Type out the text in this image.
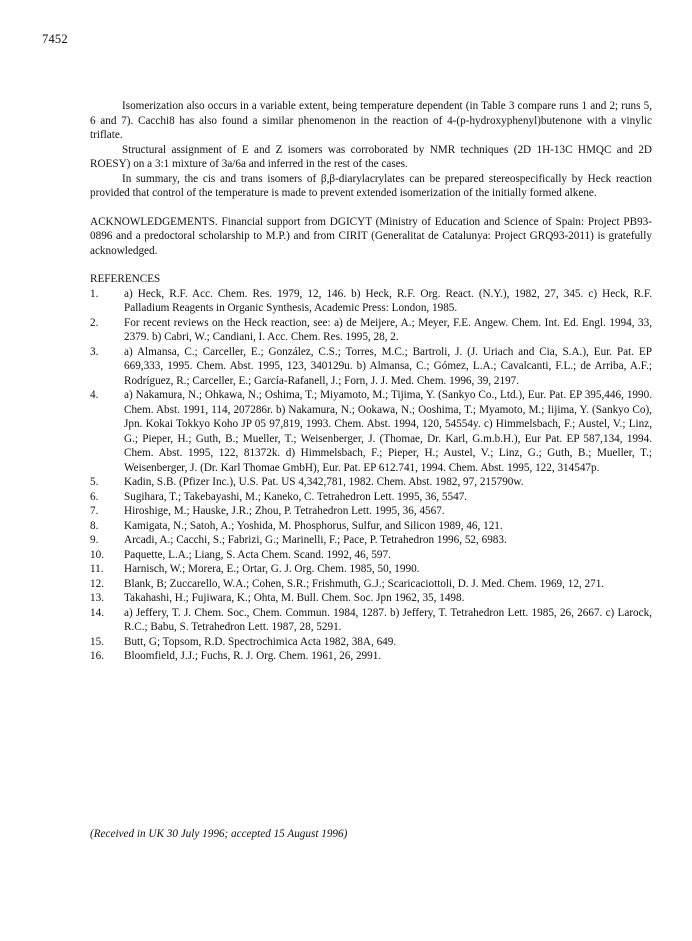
7452

Isomerization also occurs in a variable extent, being temperature dependent (in Table 3 compare runs 1 and 2; runs 5, 6 and 7). Cacchi8 has also found a similar phenomenon in the reaction of 4-(p-hydroxyphenyl)butenone with a vinylic triflate.

Structural assignment of E and Z isomers was corroborated by NMR techniques (2D 1H-13C HMQC and 2D ROESY) on a 3:1 mixture of 3a/6a and inferred in the rest of the cases.

In summary, the cis and trans isomers of β,β-diarylacrylates can be prepared stereospecifically by Heck reaction provided that control of the temperature is made to prevent extended isomerization of the initially formed alkene.

ACKNOWLEDGEMENTS. Financial support from DGICYT (Ministry of Education and Science of Spain: Project PB93-0896 and a predoctoral scholarship to M.P.) and from CIRIT (Generalitat de Catalunya: Project GRQ93-2011) is gratefully acknowledged.

REFERENCES

1.	a) Heck, R.F. Acc. Chem. Res. 1979, 12, 146. b) Heck, R.F. Org. React. (N.Y.), 1982, 27, 345. c) Heck, R.F. Palladium Reagents in Organic Synthesis, Academic Press: London, 1985.
2.	For recent reviews on the Heck reaction, see: a) de Meijere, A.; Meyer, F.E. Angew. Chem. Int. Ed. Engl. 1994, 33, 2379. b) Cabri, W.; Candiani, I. Acc. Chem. Res. 1995, 28, 2.
3.	a) Almansa, C.; Carceller, E.; González, C.S.; Torres, M.C.; Bartroli, J. (J. Uriach and Cia, S.A.), Eur. Pat. EP 669,333, 1995. Chem. Abst. 1995, 123, 340129u. b) Almansa, C.; Gómez, L.A.; Cavalcanti, F.L.; de Arriba, A.F.; Rodríguez, R.; Carceller, E.; García-Rafanell, J.; Forn, J. J. Med. Chem. 1996, 39, 2197.
4.	a) Nakamura, N.; Ohkawa, N.; Oshima, T.; Miyamoto, M.; Tijima, Y. (Sankyo Co., Ltd.), Eur. Pat. EP 395,446, 1990. Chem. Abst. 1991, 114, 207286r. b) Nakamura, N.; Ookawa, N.; Ooshima, T.; Myamoto, M.; Iijima, Y. (Sankyo Co), Jpn. Kokai Tokkyo Koho JP 05 97,819, 1993. Chem. Abst. 1994, 120, 54554y. c) Himmelsbach, F.; Austel, V.; Linz, G.; Pieper, H.; Guth, B.; Mueller, T.; Weisenberger, J. (Thomae, Dr. Karl, G.m.b.H.), Eur Pat. EP 587,134, 1994. Chem. Abst. 1995, 122, 81372k. d) Himmelsbach, F.; Pieper, H.; Austel, V.; Linz, G.; Guth, B.; Mueller, T.; Weisenberger, J. (Dr. Karl Thomae GmbH), Eur. Pat. EP 612.741, 1994. Chem. Abst. 1995, 122, 314547p.
5.	Kadin, S.B. (Pfizer Inc.), U.S. Pat. US 4,342,781, 1982. Chem. Abst. 1982, 97, 215790w.
6.	Sugihara, T.; Takebayashi, M.; Kaneko, C. Tetrahedron Lett. 1995, 36, 5547.
7.	Hiroshige, M.; Hauske, J.R.; Zhou, P. Tetrahedron Lett. 1995, 36, 4567.
8.	Kamigata, N.; Satoh, A.; Yoshida, M. Phosphorus, Sulfur, and Silicon 1989, 46, 121.
9.	Arcadi, A.; Cacchi, S.; Fabrizi, G.; Marinelli, F.; Pace, P. Tetrahedron 1996, 52, 6983.
10.	Paquette, L.A.; Liang, S. Acta Chem. Scand. 1992, 46, 597.
11.	Harnisch, W.; Morera, E.; Ortar, G. J. Org. Chem. 1985, 50, 1990.
12.	Blank, B; Zuccarello, W.A.; Cohen, S.R.; Frishmuth, G.J.; Scaricaciottoli, D. J. Med. Chem. 1969, 12, 271.
13.	Takahashi, H.; Fujiwara, K.; Ohta, M. Bull. Chem. Soc. Jpn 1962, 35, 1498.
14.	a) Jeffery, T. J. Chem. Soc., Chem. Commun. 1984, 1287. b) Jeffery, T. Tetrahedron Lett. 1985, 26, 2667. c) Larock, R.C.; Babu, S. Tetrahedron Lett. 1987, 28, 5291.
15.	Butt, G; Topsom, R.D. Spectrochimica Acta 1982, 38A, 649.
16.	Bloomfield, J.J.; Fuchs, R. J. Org. Chem. 1961, 26, 2991.
(Received in UK 30 July 1996; accepted 15 August 1996)
